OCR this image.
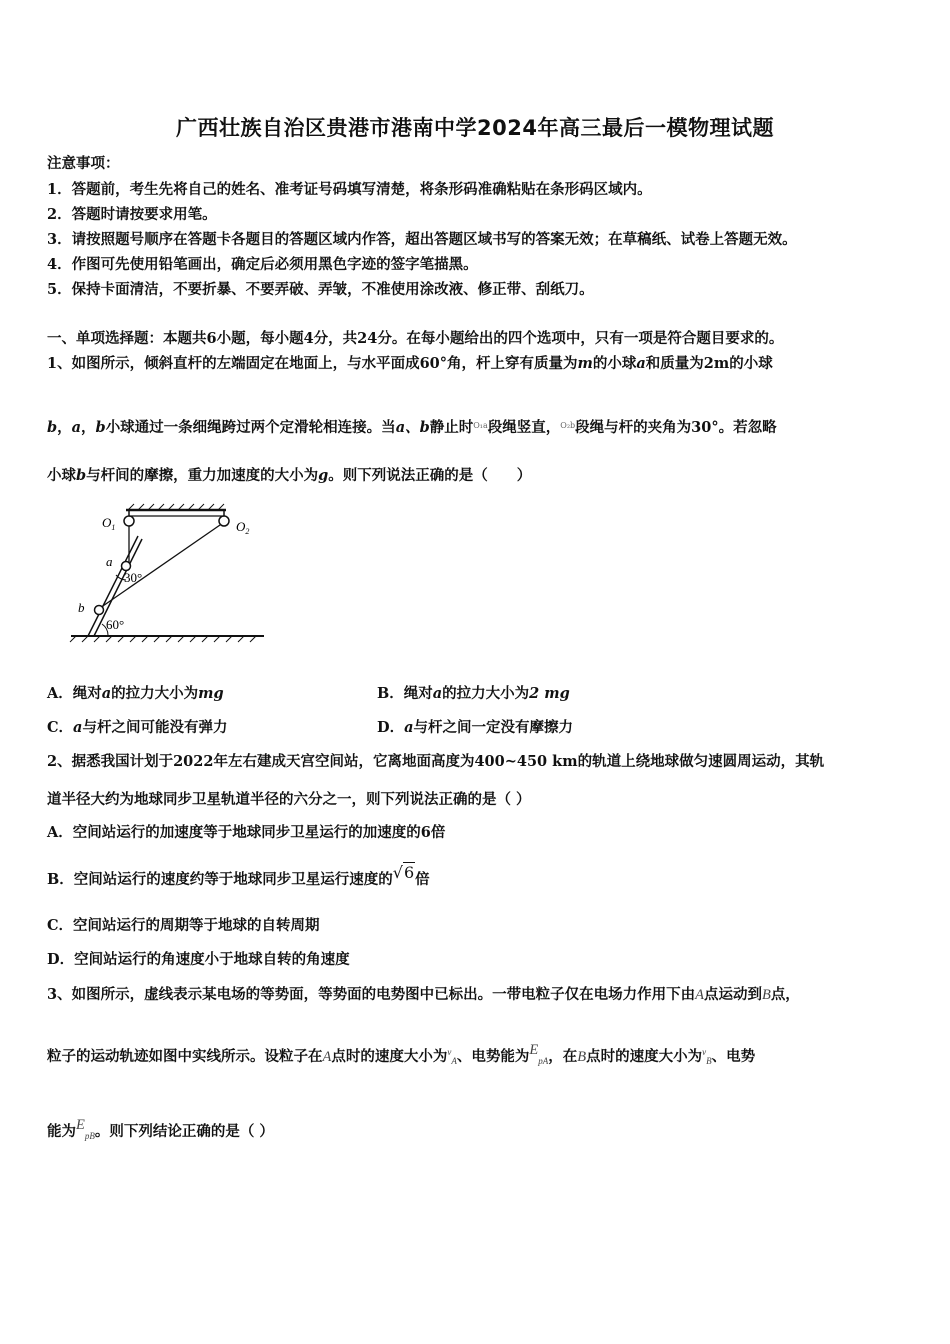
广西壮族自治区贵港市港南中学2024年高三最后一模物理试题
注意事项：
1．答题前，考生先将自己的姓名、准考证号码填写清楚，将条形码准确粘贴在条形码区域内。
2．答题时请按要求用笔。
3．请按照题号顺序在答题卡各题目的答题区域内作答，超出答题区域书写的答案无效；在草稿纸、试卷上答题无效。
4．作图可先使用铅笔画出，确定后必须用黑色字迹的签字笔描黑。
5．保持卡面清洁，不要折暴、不要弄破、弄皱，不准使用涂改液、修正带、刮纸刀。
一、单项选择题：本题共6小题，每小题4分，共24分。在每小题给出的四个选项中，只有一项是符合题目要求的。
1、如图所示，倾斜直杆的左端固定在地面上，与水平面成60°角，杆上穿有质量为m的小球a和质量为2m的小球
b，a，b小球通过一条细绳跨过两个定滑轮相连接。当a、b静止时O₁a段绳竖直，O₂b段绳与杆的夹角为30°。若忽略
小球b与杆间的摩擦，重力加速度的大小为g。则下列说法正确的是（　　）
$O_1$	$O_2$
a
b
30°
60°
A．绳对a的拉力大小为mg	B．绳对a的拉力大小为2 mg
C．a与杆之间可能没有弹力	D．a与杆之间一定没有摩擦力
2、据悉我国计划于2022年左右建成天宫空间站，它离地面高度为400~450 km的轨道上绕地球做匀速圆周运动，其轨
道半径大约为地球同步卫星轨道半径的六分之一，则下列说法正确的是（ ）
A．空间站运行的加速度等于地球同步卫星运行的加速度的6倍
B．空间站运行的速度约等于地球同步卫星运行速度的√6倍
C．空间站运行的周期等于地球的自转周期
D．空间站运行的角速度小于地球自转的角速度
3、如图所示，虚线表示某电场的等势面，等势面的电势图中已标出。一带电粒子仅在电场力作用下由A点运动到B点，
粒子的运动轨迹如图中实线所示。设粒子在A点时的速度大小为$^v_A$、电势能为$E_{pA}$，在B点时的速度大小为$^v_B$、电势
能为$E_{pB}$。则下列结论正确的是（ ）
